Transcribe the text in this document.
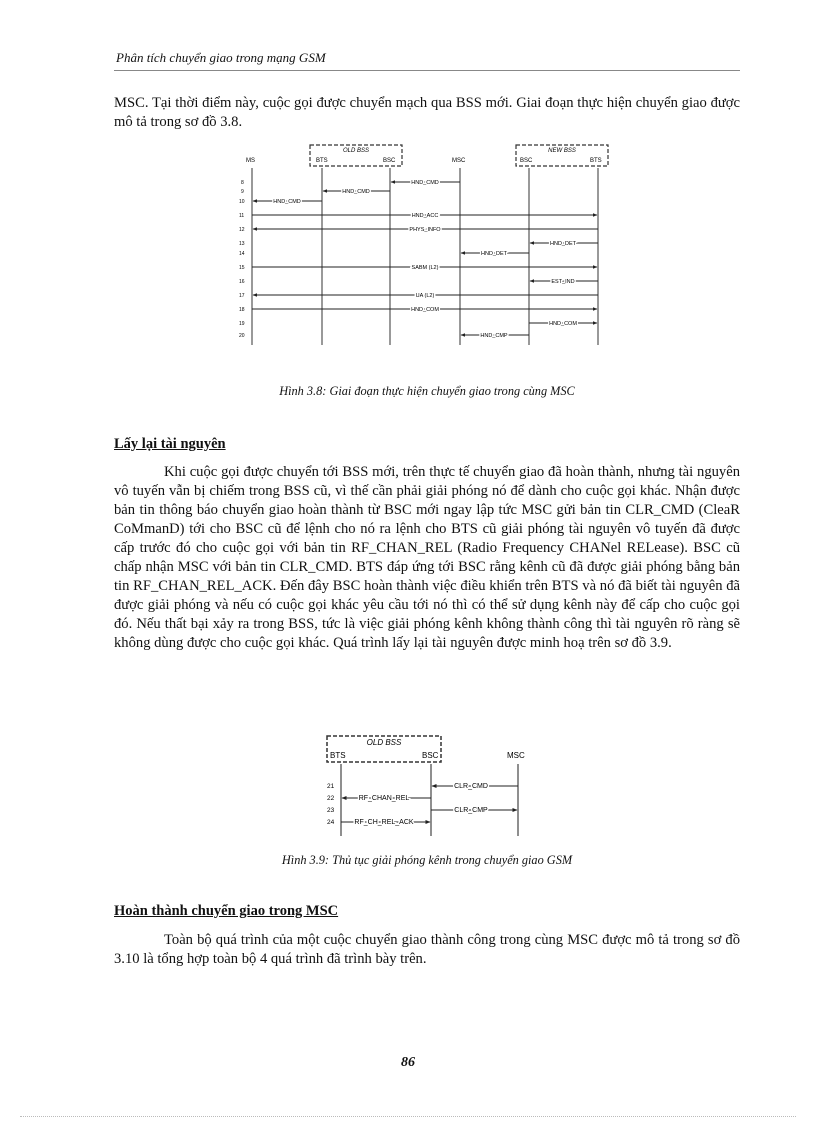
Phân tích chuyển giao trong mạng GSM
MSC. Tại thời điểm này, cuộc gọi được chuyển mạch qua BSS mới. Giai đoạn thực hiện chuyển giao được mô tả trong sơ đồ 3.8.
OLD BSS	NEW BSS
MS	BTS	BSC	MSC	BSC	BTS
8
9
10
11
12
13
14
15
16
17
18
19
20
HND_CMD
HND_CMD
HND_CMD
HND_ACC
PHYS_INFO
HND_DET
HND_DET
SABM (L2)
EST_IND
UA (L2)
HND_COM
HND_COM
HND_CMP
Hình 3.8: Giai đoạn thực hiện chuyển giao trong cùng MSC
Lấy lại tài nguyên
Khi cuộc gọi được chuyển tới BSS mới, trên thực tế chuyển giao đã hoàn thành, nhưng tài nguyên vô tuyến vẫn bị chiếm trong BSS cũ, vì thế cần phải giải phóng nó để dành cho cuộc gọi khác. Nhận được bản tin thông báo chuyển giao hoàn thành từ BSC mới ngay lập tức MSC gửi bản tin CLR_CMD (CleaR CoMmanD) tới cho BSC cũ để lệnh cho nó ra lệnh cho BTS cũ giải phóng tài nguyên vô tuyến đã được cấp trước đó cho cuộc gọi với bản tin RF_CHAN_REL (Radio Frequency CHANel RELease). BSC cũ chấp nhận MSC với bản tin CLR_CMD. BTS đáp ứng tới BSC rằng kênh cũ đã được giải phóng bằng bản tin RF_CHAN_REL_ACK. Đến đây BSC hoàn thành việc điều khiển trên BTS và nó đã biết tài nguyên đã được giải phóng và nếu có cuộc gọi khác yêu cầu tới nó thì có thể sử dụng kênh này để cấp cho cuộc gọi đó. Nếu thất bại xảy ra trong BSS, tức là việc giải phóng kênh không thành công thì tài nguyên rõ ràng sẽ không dùng được cho cuộc gọi khác. Quá trình lấy lại tài nguyên được minh hoạ trên sơ đồ 3.9.
OLD BSS
BTS	BSC	MSC
21
22
23
24
CLR_CMD
RF_CHAN_REL
CLR_CMP
RF_CH_REL_ACK
Hình 3.9: Thủ tục giải phóng kênh trong chuyển giao GSM
Hoàn thành chuyển giao trong MSC
Toàn bộ quá trình của một cuộc chuyển giao thành công trong cùng MSC được mô tả trong sơ đồ 3.10 là tổng hợp toàn bộ 4 quá trình đã trình bày trên.
86
